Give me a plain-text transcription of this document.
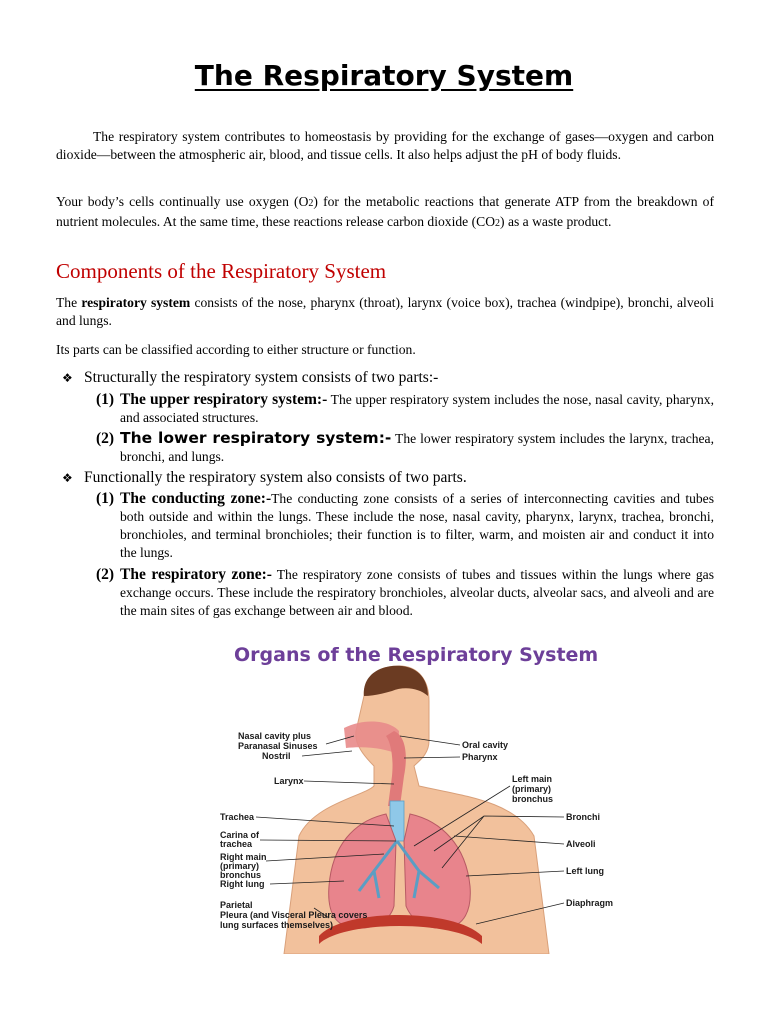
The Respiratory System

The respiratory system contributes to homeostasis by providing for the exchange of gases—oxygen and carbon dioxide—between the atmospheric air, blood, and tissue cells. It also helps adjust the pH of body fluids.

Your body’s cells continually use oxygen (O2) for the metabolic reactions that generate ATP from the breakdown of nutrient molecules. At the same time, these reactions release carbon dioxide (CO2) as a waste product.

Components of the Respiratory System

The respiratory system consists of the nose, pharynx (throat), larynx (voice box), trachea (windpipe), bronchi, alveoli and lungs.

Its parts can be classified according to either structure or function.

❖ Structurally the respiratory system consists of two parts:-

(1) The upper respiratory system:- The upper respiratory system includes the nose, nasal cavity, pharynx, and associated structures.

(2) The lower respiratory system:- The lower respiratory system includes the larynx, trachea, bronchi, and lungs.

❖ Functionally the respiratory system also consists of two parts.

(1) The conducting zone:-The conducting zone consists of a series of interconnecting cavities and tubes both outside and within the lungs. These include the nose, nasal cavity, pharynx, larynx, trachea, bronchi, bronchioles, and terminal bronchioles; their function is to filter, warm, and moisten air and conduct it into the lungs.

(2) The respiratory zone:- The respiratory zone consists of tubes and tissues within the lungs where gas exchange occurs. These include the respiratory bronchioles, alveolar ducts, alveolar sacs, and alveoli and are the main sites of gas exchange between air and blood.

Organs of the Respiratory System
Nasal cavity plus
Paranasal Sinuses
Nostril
Larynx
Trachea
Carina of
trachea
Right main
(primary)
bronchus
Right lung
Parietal
Pleura (and Visceral Pleura covers
lung surfaces themselves)
Oral cavity
Pharynx
Left main
(primary)
bronchus
Bronchi
Alveoli
Left lung
Diaphragm
